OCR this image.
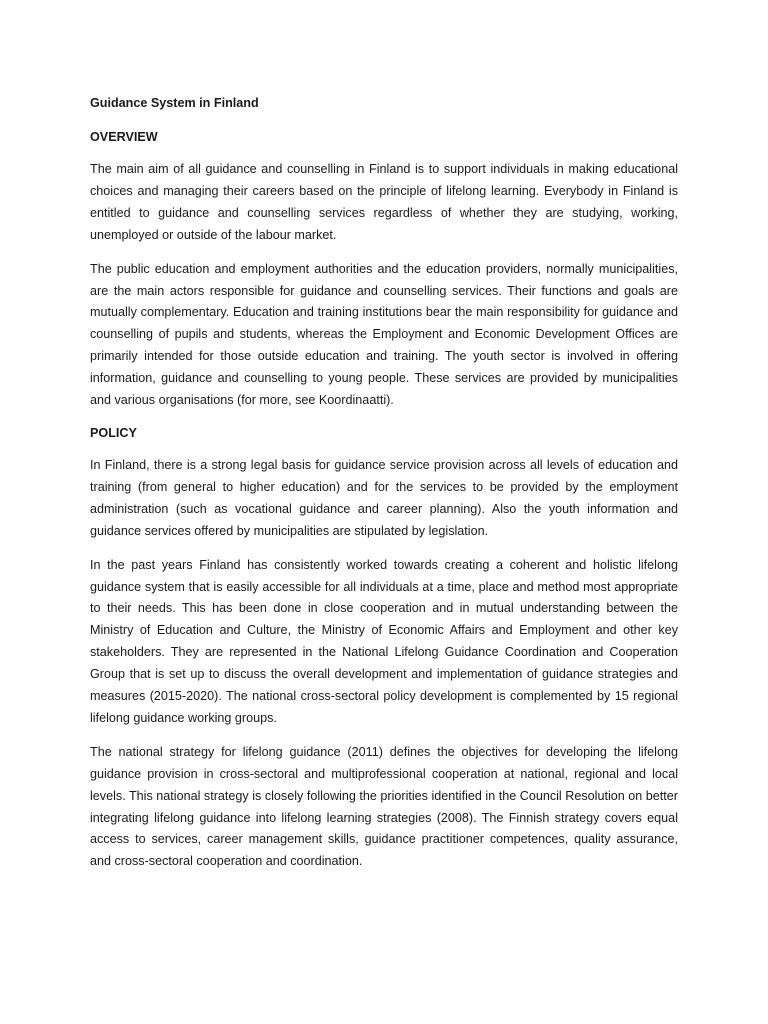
Guidance System in Finland
OVERVIEW

The main aim of all guidance and counselling in Finland is to support individuals in making educational choices and managing their careers based on the principle of lifelong learning. Everybody in Finland is entitled to guidance and counselling services regardless of whether they are studying, working, unemployed or outside of the labour market.

The public education and employment authorities and the education providers, normally municipalities, are the main actors responsible for guidance and counselling services. Their functions and goals are mutually complementary. Education and training institutions bear the main responsibility for guidance and counselling of pupils and students, whereas the Employment and Economic Development Offices are primarily intended for those outside education and training. The youth sector is involved in offering information, guidance and counselling to young people. These services are provided by municipalities and various organisations (for more, see Koordinaatti).

POLICY

In Finland, there is a strong legal basis for guidance service provision across all levels of education and training (from general to higher education) and for the services to be provided by the employment administration (such as vocational guidance and career planning). Also the youth information and guidance services offered by municipalities are stipulated by legislation.

In the past years Finland has consistently worked towards creating a coherent and holistic lifelong guidance system that is easily accessible for all individuals at a time, place and method most appropriate to their needs. This has been done in close cooperation and in mutual understanding between the Ministry of Education and Culture, the Ministry of Economic Affairs and Employment and other key stakeholders. They are represented in the National Lifelong Guidance Coordination and Cooperation Group that is set up to discuss the overall development and implementation of guidance strategies and measures (2015-2020). The national cross-sectoral policy development is complemented by 15 regional lifelong guidance working groups.

The national strategy for lifelong guidance (2011) defines the objectives for developing the lifelong guidance provision in cross-sectoral and multiprofessional cooperation at national, regional and local levels. This national strategy is closely following the priorities identified in the Council Resolution on better integrating lifelong guidance into lifelong learning strategies (2008). The Finnish strategy covers equal access to services, career management skills, guidance practitioner competences, quality assurance, and cross-sectoral cooperation and coordination.
